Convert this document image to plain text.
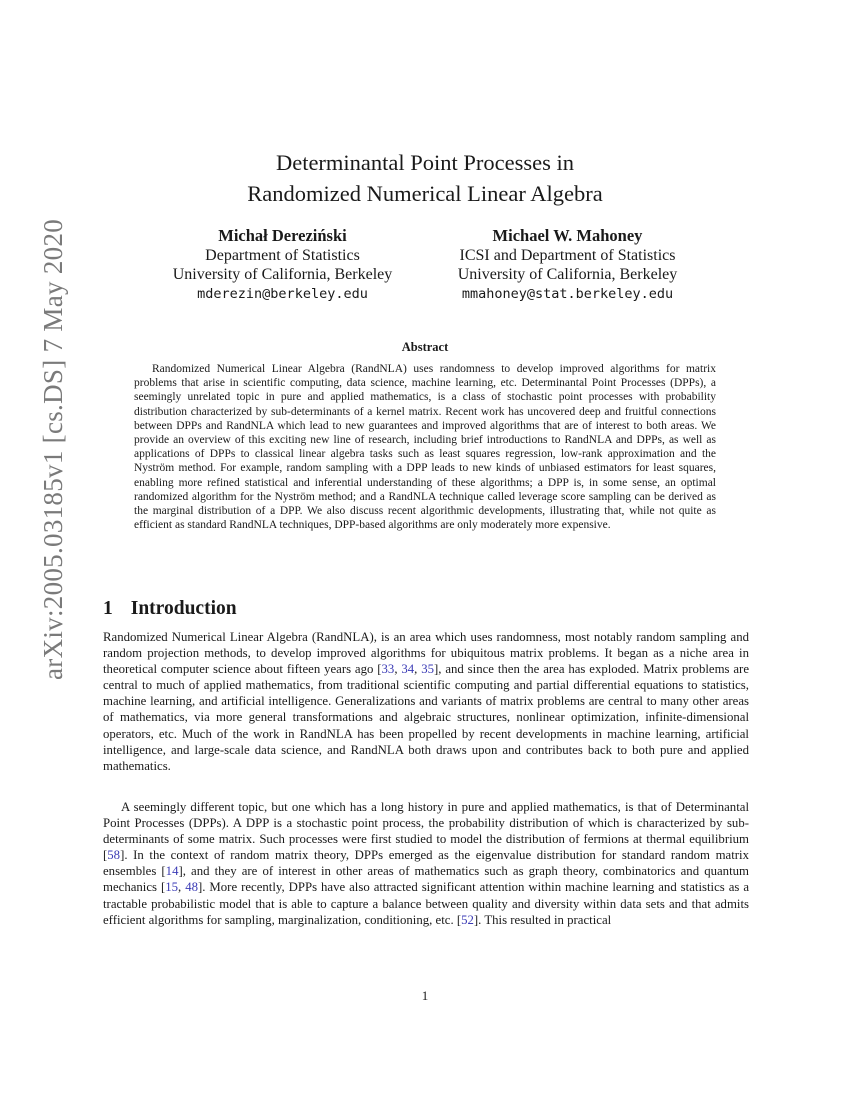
arXiv:2005.03185v1 [cs.DS] 7 May 2020
Determinantal Point Processes in
Randomized Numerical Linear Algebra
Michał Dereziński
Department of Statistics
University of California, Berkeley
mderezin@berkeley.edu
Michael W. Mahoney
ICSI and Department of Statistics
University of California, Berkeley
mmahoney@stat.berkeley.edu
Abstract

Randomized Numerical Linear Algebra (RandNLA) uses randomness to develop improved algorithms for matrix problems that arise in scientific computing, data science, machine learning, etc. Determinantal Point Processes (DPPs), a seemingly unrelated topic in pure and applied mathematics, is a class of stochastic point processes with probability distribution characterized by sub-determinants of a kernel matrix. Recent work has uncovered deep and fruitful connections between DPPs and RandNLA which lead to new guarantees and improved algorithms that are of interest to both areas. We provide an overview of this exciting new line of research, including brief introductions to RandNLA and DPPs, as well as applications of DPPs to classical linear algebra tasks such as least squares regression, low-rank approximation and the Nyström method. For example, random sampling with a DPP leads to new kinds of unbiased estimators for least squares, enabling more refined statistical and inferential understanding of these algorithms; a DPP is, in some sense, an optimal randomized algorithm for the Nyström method; and a RandNLA technique called leverage score sampling can be derived as the marginal distribution of a DPP. We also discuss recent algorithmic developments, illustrating that, while not quite as efficient as standard RandNLA techniques, DPP-based algorithms are only moderately more expensive.

1 Introduction

Randomized Numerical Linear Algebra (RandNLA), is an area which uses randomness, most notably random sampling and random projection methods, to develop improved algorithms for ubiquitous matrix problems. It began as a niche area in theoretical computer science about fifteen years ago [33, 34, 35], and since then the area has exploded. Matrix problems are central to much of applied mathematics, from traditional scientific computing and partial differential equations to statistics, machine learning, and artificial intelligence. Generalizations and variants of matrix problems are central to many other areas of mathematics, via more general transformations and algebraic structures, nonlinear optimization, infinite-dimensional operators, etc. Much of the work in RandNLA has been propelled by recent developments in machine learning, artificial intelligence, and large-scale data science, and RandNLA both draws upon and contributes back to both pure and applied mathematics.

A seemingly different topic, but one which has a long history in pure and applied mathematics, is that of Determinantal Point Processes (DPPs). A DPP is a stochastic point process, the probability distribution of which is characterized by sub-determinants of some matrix. Such processes were first studied to model the distribution of fermions at thermal equilibrium [58]. In the context of random matrix theory, DPPs emerged as the eigenvalue distribution for standard random matrix ensembles [14], and they are of interest in other areas of mathematics such as graph theory, combinatorics and quantum mechanics [15, 48]. More recently, DPPs have also attracted significant attention within machine learning and statistics as a tractable probabilistic model that is able to capture a balance between quality and diversity within data sets and that admits efficient algorithms for sampling, marginalization, conditioning, etc. [52]. This resulted in practical

1
